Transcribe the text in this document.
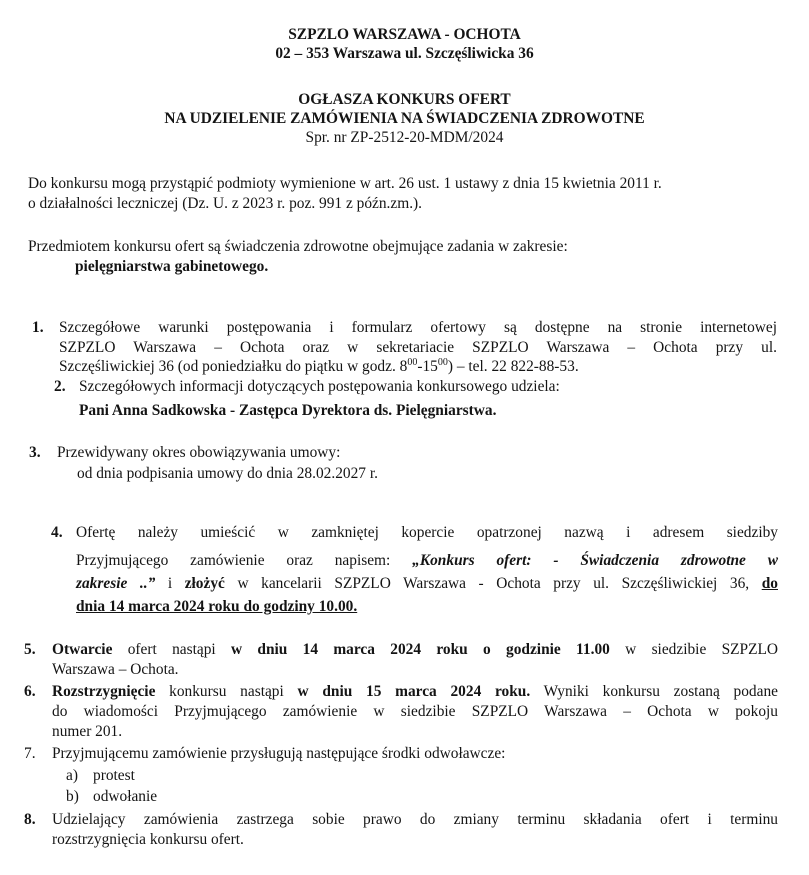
SZPZLO WARSZAWA - OCHOTA
02 – 353 Warszawa ul. Szczęśliwicka 36
OGŁASZA KONKURS OFERT
NA UDZIELENIE ZAMÓWIENIA NA ŚWIADCZENIA ZDROWOTNE
Spr. nr ZP-2512-20-MDM/2024
Do konkursu mogą przystąpić podmioty wymienione w art. 26 ust. 1 ustawy z dnia 15 kwietnia 2011 r.
o działalności leczniczej (Dz. U. z 2023 r. poz. 991 z późn.zm.).
Przedmiotem konkursu ofert są świadczenia zdrowotne obejmujące zadania w zakresie:
pielęgniarstwa gabinetowego.
1. Szczegółowe warunki postępowania i formularz ofertowy są dostępne na stronie internetowej
SZPZLO Warszawa – Ochota oraz w sekretariacie SZPZLO Warszawa – Ochota przy ul.
Szczęśliwickiej 36 (od poniedziałku do piątku w godz. $8^{00}-15^{00}$) – tel. 22 822-88-53.
2. Szczegółowych informacji dotyczących postępowania konkursowego udziela:
Pani Anna Sadkowska - Zastępca Dyrektora ds. Pielęgniarstwa.
3. Przewidywany okres obowiązywania umowy:
od dnia podpisania umowy do dnia 28.02.2027 r.
4. Ofertę należy umieścić w zamkniętej kopercie opatrzonej nazwą i adresem siedziby
Przyjmującego zamówienie oraz napisem: „Konkurs ofert: - Świadczenia zdrowotne w
zakresie ..” i złożyć w kancelarii SZPZLO Warszawa - Ochota przy ul. Szczęśliwickiej 36, do
dnia 14 marca 2024 roku do godziny 10.00.
5. Otwarcie ofert nastąpi w dniu 14 marca 2024 roku o godzinie 11.00 w siedzibie SZPZLO
Warszawa – Ochota.
6. Rozstrzygnięcie konkursu nastąpi w dniu 15 marca 2024 roku. Wyniki konkursu zostaną podane
do wiadomości Przyjmującego zamówienie w siedzibie SZPZLO Warszawa – Ochota w pokoju
numer 201.
7. Przyjmującemu zamówienie przysługują następujące środki odwoławcze:
a) protest
b) odwołanie
8. Udzielający zamówienia zastrzega sobie prawo do zmiany terminu składania ofert i terminu
rozstrzygnięcia konkursu ofert.
